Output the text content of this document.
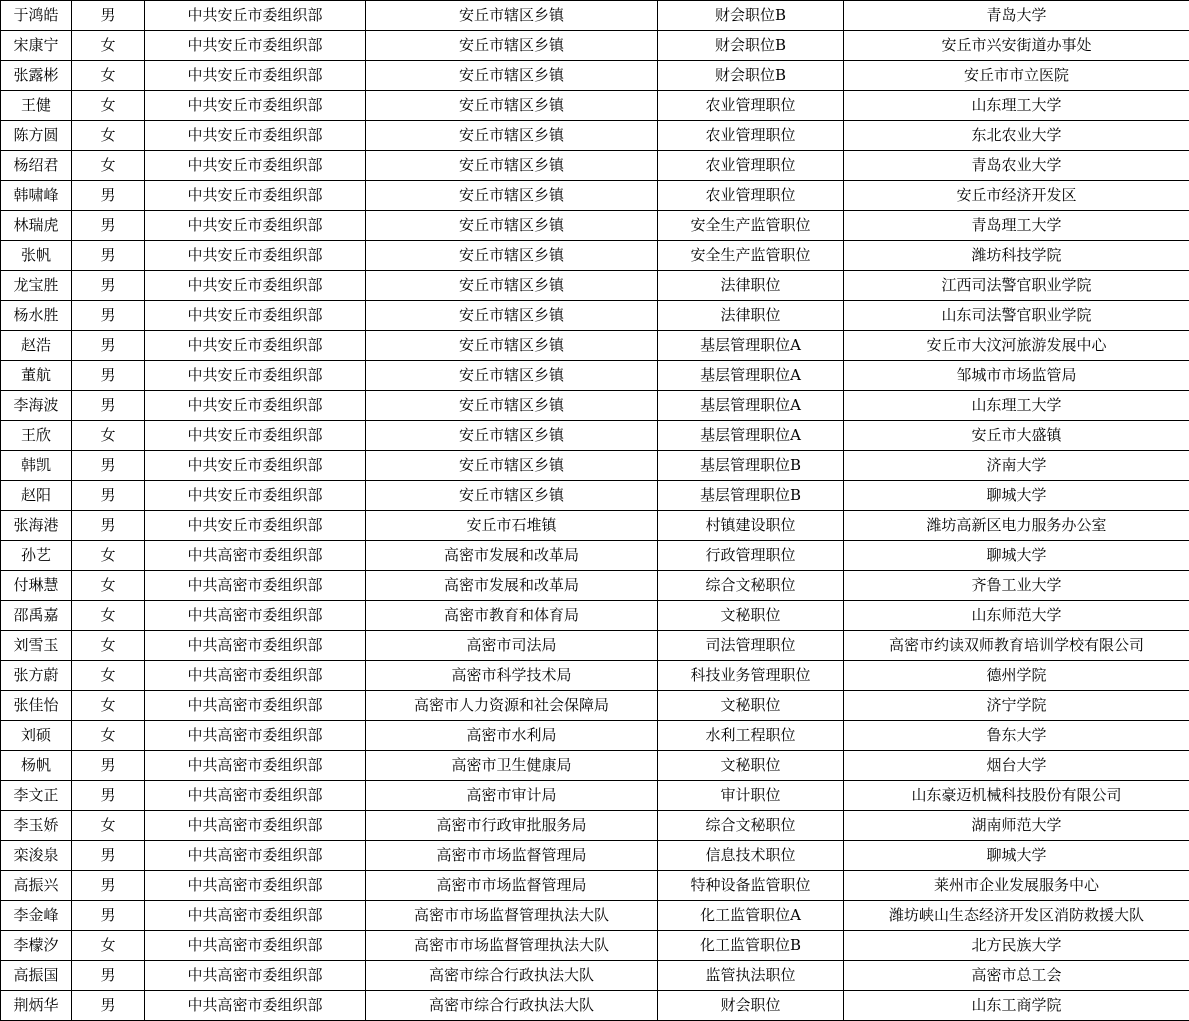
于鸿皓	男	中共安丘市委组织部	安丘市辖区乡镇	财会职位B	青岛大学
宋康宁	女	中共安丘市委组织部	安丘市辖区乡镇	财会职位B	安丘市兴安街道办事处
张露彬	女	中共安丘市委组织部	安丘市辖区乡镇	财会职位B	安丘市市立医院
王健	女	中共安丘市委组织部	安丘市辖区乡镇	农业管理职位	山东理工大学
陈方圆	女	中共安丘市委组织部	安丘市辖区乡镇	农业管理职位	东北农业大学
杨绍君	女	中共安丘市委组织部	安丘市辖区乡镇	农业管理职位	青岛农业大学
韩啸峰	男	中共安丘市委组织部	安丘市辖区乡镇	农业管理职位	安丘市经济开发区
林瑞虎	男	中共安丘市委组织部	安丘市辖区乡镇	安全生产监管职位	青岛理工大学
张帆	男	中共安丘市委组织部	安丘市辖区乡镇	安全生产监管职位	潍坊科技学院
龙宝胜	男	中共安丘市委组织部	安丘市辖区乡镇	法律职位	江西司法警官职业学院
杨水胜	男	中共安丘市委组织部	安丘市辖区乡镇	法律职位	山东司法警官职业学院
赵浩	男	中共安丘市委组织部	安丘市辖区乡镇	基层管理职位A	安丘市大汶河旅游发展中心
董航	男	中共安丘市委组织部	安丘市辖区乡镇	基层管理职位A	邹城市市场监管局
李海波	男	中共安丘市委组织部	安丘市辖区乡镇	基层管理职位A	山东理工大学
王欣	女	中共安丘市委组织部	安丘市辖区乡镇	基层管理职位A	安丘市大盛镇
韩凯	男	中共安丘市委组织部	安丘市辖区乡镇	基层管理职位B	济南大学
赵阳	男	中共安丘市委组织部	安丘市辖区乡镇	基层管理职位B	聊城大学
张海港	男	中共安丘市委组织部	安丘市石堆镇	村镇建设职位	潍坊高新区电力服务办公室
孙艺	女	中共高密市委组织部	高密市发展和改革局	行政管理职位	聊城大学
付琳慧	女	中共高密市委组织部	高密市发展和改革局	综合文秘职位	齐鲁工业大学
邵禹嘉	女	中共高密市委组织部	高密市教育和体育局	文秘职位	山东师范大学
刘雪玉	女	中共高密市委组织部	高密市司法局	司法管理职位	高密市约读双师教育培训学校有限公司
张方蔚	女	中共高密市委组织部	高密市科学技术局	科技业务管理职位	德州学院
张佳怡	女	中共高密市委组织部	高密市人力资源和社会保障局	文秘职位	济宁学院
刘硕	女	中共高密市委组织部	高密市水利局	水利工程职位	鲁东大学
杨帆	男	中共高密市委组织部	高密市卫生健康局	文秘职位	烟台大学
李文正	男	中共高密市委组织部	高密市审计局	审计职位	山东豪迈机械科技股份有限公司
李玉娇	女	中共高密市委组织部	高密市行政审批服务局	综合文秘职位	湖南师范大学
栾浚泉	男	中共高密市委组织部	高密市市场监督管理局	信息技术职位	聊城大学
高振兴	男	中共高密市委组织部	高密市市场监督管理局	特种设备监管职位	莱州市企业发展服务中心
李金峰	男	中共高密市委组织部	高密市市场监督管理执法大队	化工监管职位A	潍坊峡山生态经济开发区消防救援大队
李檬汐	女	中共高密市委组织部	高密市市场监督管理执法大队	化工监管职位B	北方民族大学
高振国	男	中共高密市委组织部	高密市综合行政执法大队	监管执法职位	高密市总工会
荆炳华	男	中共高密市委组织部	高密市综合行政执法大队	财会职位	山东工商学院
